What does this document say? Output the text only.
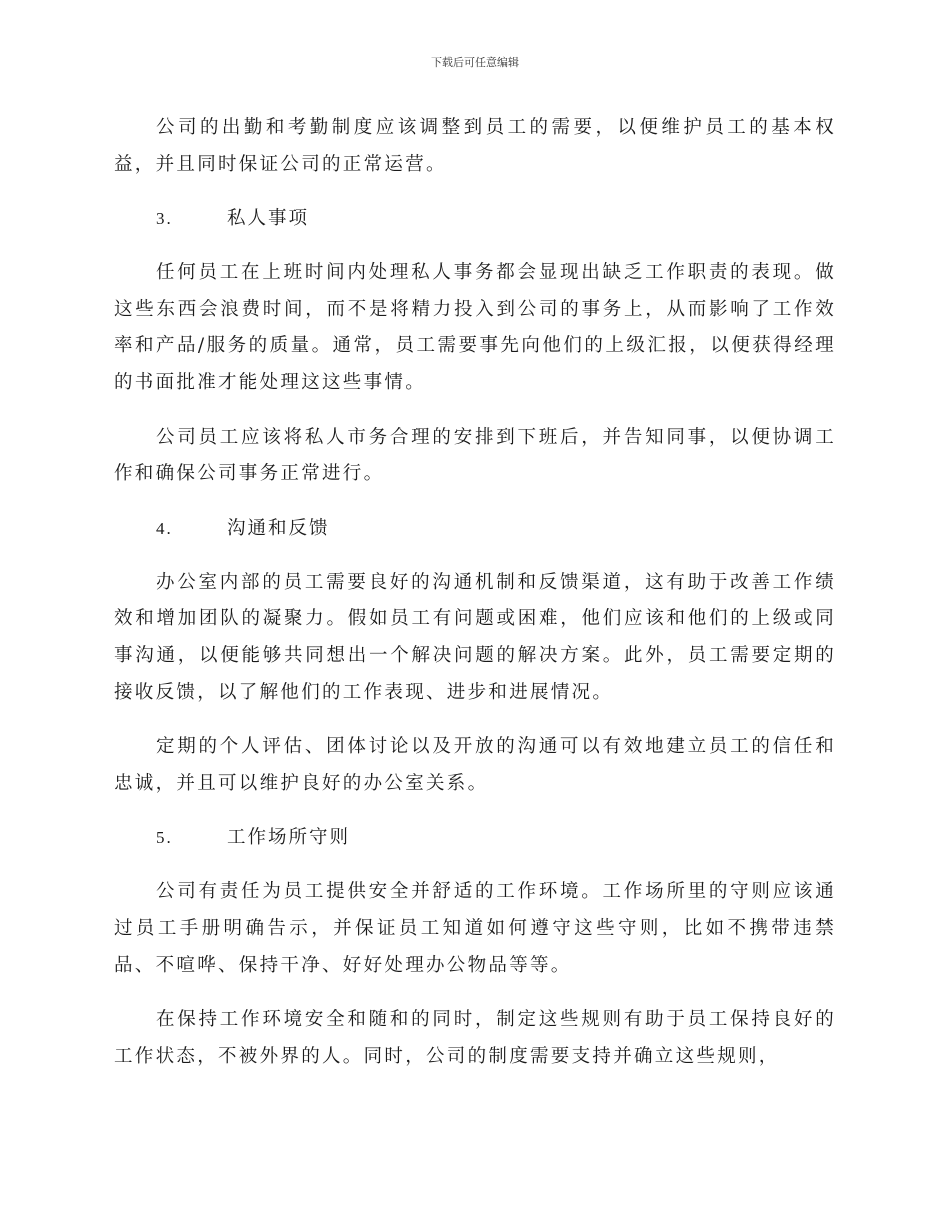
下载后可任意编辑

公司的出勤和考勤制度应该调整到员工的需要，以便维护员工的基本权益，并且同时保证公司的正常运营。

3.	私人事项

任何员工在上班时间内处理私人事务都会显现出缺乏工作职责的表现。做这些东西会浪费时间，而不是将精力投入到公司的事务上，从而影响了工作效率和产品/服务的质量。通常，员工需要事先向他们的上级汇报，以便获得经理的书面批准才能处理这这些事情。

公司员工应该将私人市务合理的安排到下班后，并告知同事，以便协调工作和确保公司事务正常进行。

4.	沟通和反馈

办公室内部的员工需要良好的沟通机制和反馈渠道，这有助于改善工作绩效和增加团队的凝聚力。假如员工有问题或困难，他们应该和他们的上级或同事沟通，以便能够共同想出一个解决问题的解决方案。此外，员工需要定期的接收反馈，以了解他们的工作表现、进步和进展情况。

定期的个人评估、团体讨论以及开放的沟通可以有效地建立员工的信任和忠诚，并且可以维护良好的办公室关系。

5.	工作场所守则

公司有责任为员工提供安全并舒适的工作环境。工作场所里的守则应该通过员工手册明确告示，并保证员工知道如何遵守这些守则，比如不携带违禁品、不喧哗、保持干净、好好处理办公物品等等。

在保持工作环境安全和随和的同时，制定这些规则有助于员工保持良好的工作状态，不被外界的人。同时，公司的制度需要支持并确立这些规则，
